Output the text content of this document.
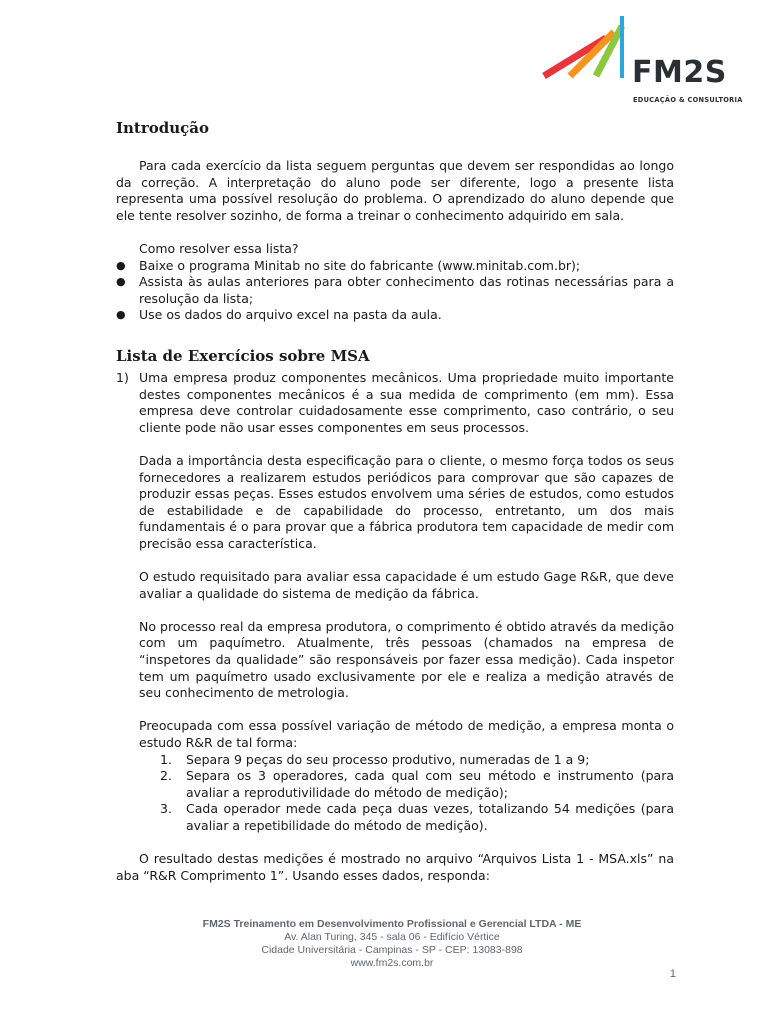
FM2S
EDUCAÇÃO & CONSULTORIA
Introdução

Para cada exercício da lista seguem perguntas que devem ser respondidas ao longo da correção. A interpretação do aluno pode ser diferente, logo a presente lista representa uma possível resolução do problema. O aprendizado do aluno depende que ele tente resolver sozinho, de forma a treinar o conhecimento adquirido em sala.

Como resolver essa lista?

● Baixe o programa Minitab no site do fabricante (www.minitab.com.br);
● Assista às aulas anteriores para obter conhecimento das rotinas necessárias para a resolução da lista;
● Use os dados do arquivo excel na pasta da aula.
Lista de Exercícios sobre MSA
1) Uma empresa produz componentes mecânicos. Uma propriedade muito importante destes componentes mecânicos é a sua medida de comprimento (em mm). Essa empresa deve controlar cuidadosamente esse comprimento, caso contrário, o seu cliente pode não usar esses componentes em seus processos.

Dada a importância desta especificação para o cliente, o mesmo força todos os seus fornecedores a realizarem estudos periódicos para comprovar que são capazes de produzir essas peças. Esses estudos envolvem uma séries de estudos, como estudos de estabilidade e de capabilidade do processo, entretanto, um dos mais fundamentais é o para provar que a fábrica produtora tem capacidade de medir com precisão essa característica.

O estudo requisitado para avaliar essa capacidade é um estudo Gage R&R, que deve avaliar a qualidade do sistema de medição da fábrica.

No processo real da empresa produtora, o comprimento é obtido através da medição com um paquímetro. Atualmente, três pessoas (chamados na empresa de “inspetores da qualidade” são responsáveis por fazer essa medição). Cada inspetor tem um paquímetro usado exclusivamente por ele e realiza a medição através de seu conhecimento de metrologia.

Preocupada com essa possível variação de método de medição, a empresa monta o estudo R&R de tal forma:

1. Separa 9 peças do seu processo produtivo, numeradas de 1 a 9;
2. Separa os 3 operadores, cada qual com seu método e instrumento (para avaliar a reprodutivilidade do método de medição);
3. Cada operador mede cada peça duas vezes, totalizando 54 medições (para avaliar a repetibilidade do método de medição).

O resultado destas medições é mostrado no arquivo “Arquivos Lista 1 - MSA.xls” na aba “R&R Comprimento 1”. Usando esses dados, responda:

FM2S Treinamento em Desenvolvimento Profissional e Gerencial LTDA - ME
Av. Alan Turing, 345 - sala 06 - Edifício Vértice
Cidade Universitária - Campinas - SP - CEP: 13083-898
www.fm2s.com.br
1
